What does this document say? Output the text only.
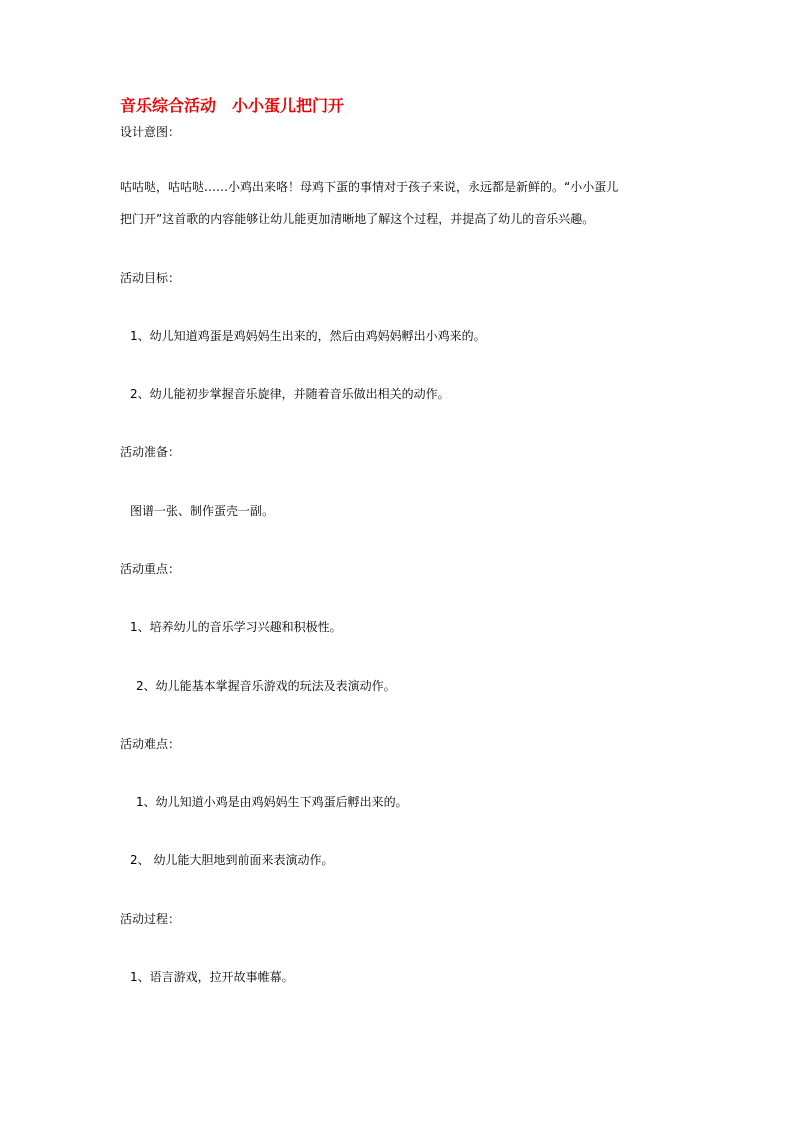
音乐综合活动　小小蛋儿把门开
设计意图：
咕咕哒，咕咕哒……小鸡出来咯！母鸡下蛋的事情对于孩子来说，永远都是新鲜的。“小小蛋儿
把门开”这首歌的内容能够让幼儿能更加清晰地了解这个过程，并提高了幼儿的音乐兴趣。
活动目标：
1、幼儿知道鸡蛋是鸡妈妈生出来的，然后由鸡妈妈孵出小鸡来的。
2、幼儿能初步掌握音乐旋律，并随着音乐做出相关的动作。
活动准备：
图谱一张、制作蛋壳一副。
活动重点：
1、培养幼儿的音乐学习兴趣和积极性。
2、幼儿能基本掌握音乐游戏的玩法及表演动作。
活动难点：
1、幼儿知道小鸡是由鸡妈妈生下鸡蛋后孵出来的。
2、 幼儿能大胆地到前面来表演动作。
活动过程：
1、语言游戏，拉开故事帷幕。
